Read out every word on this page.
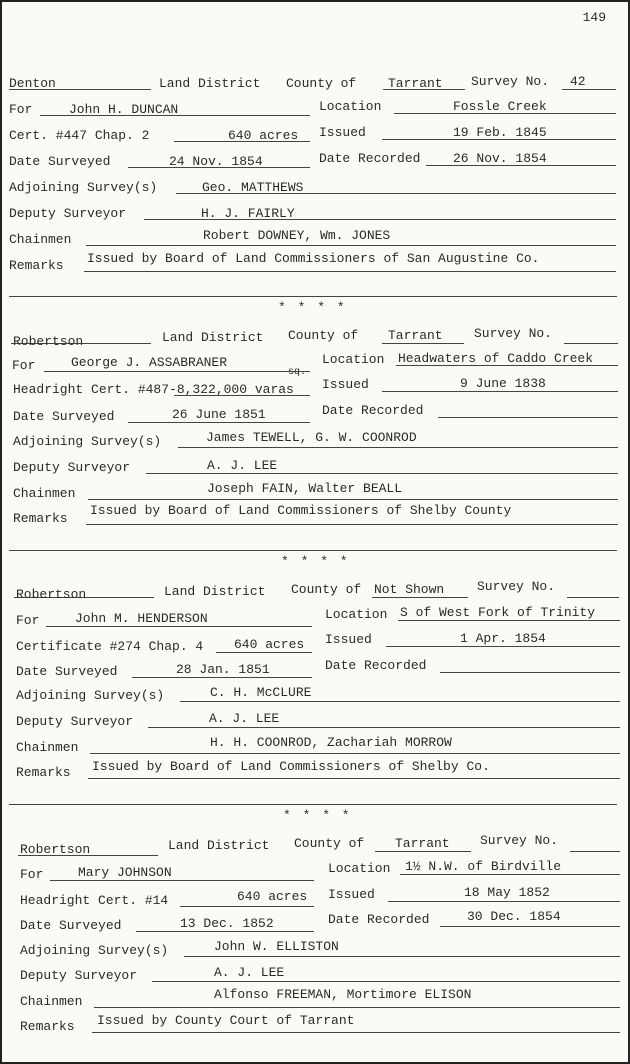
149
Denton	Land District County of Tarrant Survey No. 42
For	John H. DUNCAN	Location	Fossle Creek
Cert. #447 Chap. 2	640 acres Issued	19 Feb. 1845
Date Surveyed	24 Nov. 1854	Date Recorded	26 Nov. 1854
Adjoining Survey(s)	Geo. MATTHEWS
Deputy Surveyor	H. J. FAIRLY
Chainmen	Robert DOWNEY, Wm. JONES
Remarks Issued by Board of Land Commissioners of San Augustine Co.
* * * *
Robertson	Land District County of Tarrant Survey No.
For	George J. ASSABRANER	Location Headwaters of Caddo Creek
sq.
Headright Cert. #487-8,322,000 varas Issued	9 June 1838
Date Surveyed	26 June 1851	Date Recorded
Adjoining Survey(s)	James TEWELL, G. W. COONROD
Deputy Surveyor	A. J. LEE
Chainmen	Joseph FAIN, Walter BEALL
Remarks
Issued by Board of Land Commissioners of Shelby County
* * * *
Robertson	Land District County of Not Shown	Survey No.
For	John M. HENDERSON	Location S of West Fork of Trinity
Certificate #274 Chap. 4 640 acres Issued	1 Apr. 1854
Date Surveyed	28 Jan. 1851	Date Recorded
Adjoining Survey(s)	C. H. McCLURE
Deputy Surveyor	A. J. LEE
Chainmen	H. H. COONROD, Zachariah MORROW
Remarks Issued by Board of Land Commissioners of Shelby Co.
* * * *
Robertson	Land District County of Tarrant Survey No.
For	Mary JOHNSON	Location 1½ N.W. of Birdville
Headright Cert. #14	640 acres Issued	18 May 1852
Date Surveyed	13 Dec. 1852	Date Recorded	30 Dec. 1854
Adjoining Survey(s)	John W. ELLISTON
Deputy Surveyor	A. J. LEE
Chainmen	Alfonso FREEMAN, Mortimore ELISON
Remarks Issued by County Court of Tarrant
